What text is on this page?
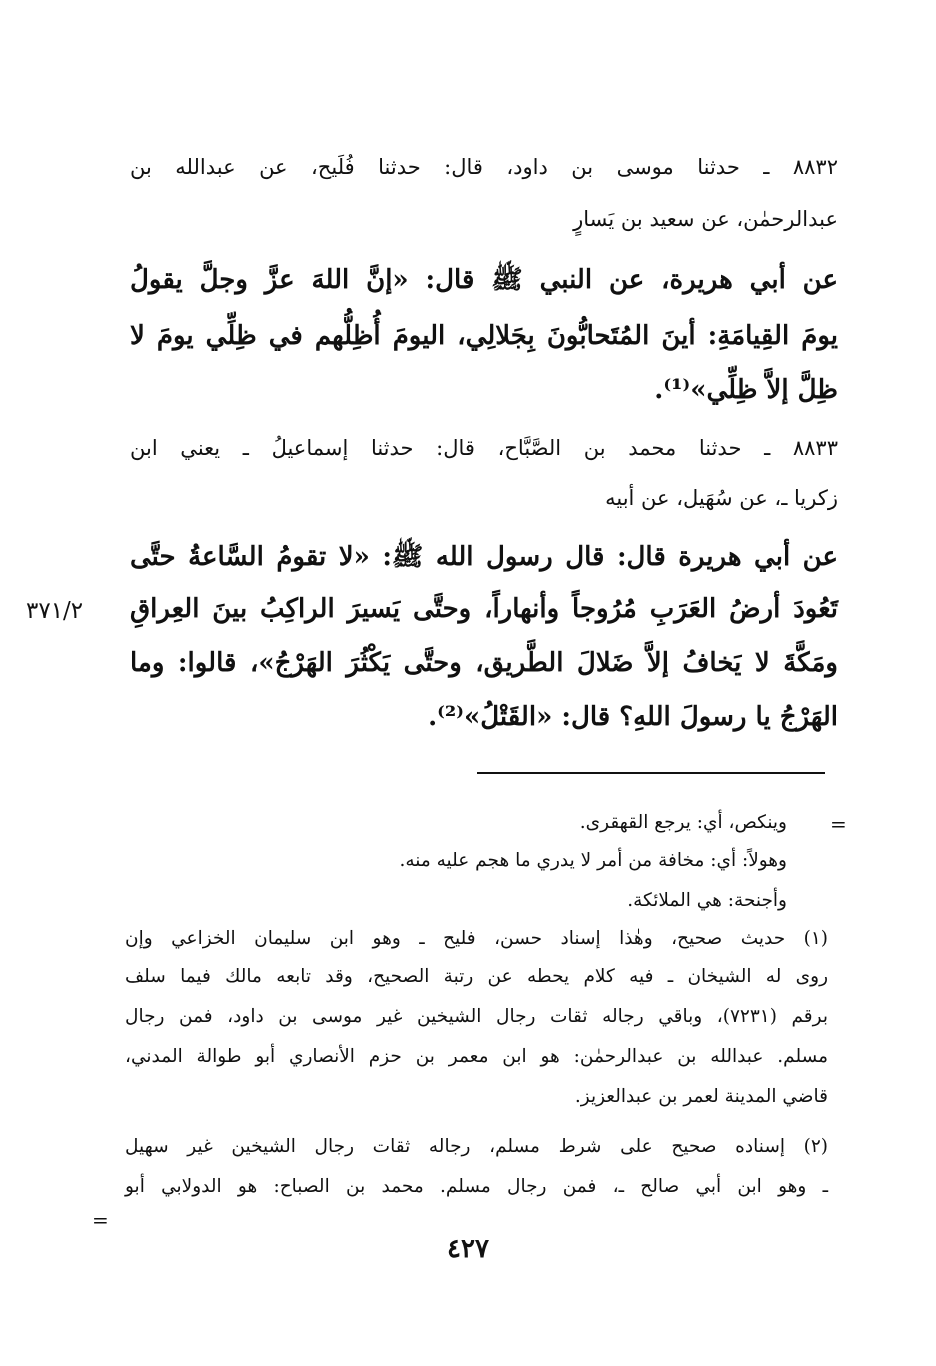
٨٨٣٢ ـ حدثنا موسى بن داود، قال: حدثنا فُلَيح، عن عبدالله بن
عبدالرحمٰن، عن سعيد بن يَسارٍ
عن أبي هريرة، عن النبي ﷺ قال: «إنَّ اللهَ عزَّ وجلَّ يقولُ
يومَ القِيامَةِ: أينَ المُتَحابُّونَ بِجَلالِي، اليومَ أُظِلُّهم في ظِلِّي يومَ لا
ظِلَّ إلاَّ ظِلِّي»⁽¹⁾.
٨٨٣٣ ـ حدثنا محمد بن الصَّبَّاح، قال: حدثنا إسماعيلُ ـ يعني ابن
زكريا ـ، عن سُهَيل، عن أبيه
عن أبي هريرة قال: قال رسول الله ﷺ: «لا تقومُ السَّاعةُ حتَّى
تَعُودَ أرضُ العَرَبِ مُرُوجاً وأنهاراً، وحتَّى يَسيرَ الراكِبُ بينَ العِراقِ
ومَكَّةَ لا يَخافُ إلاَّ ضَلالَ الطَّريق، وحتَّى يَكْثُرَ الهَرْجُ»، قالوا: وما
الهَرْجُ يا رسولَ اللهِ؟ قال: «القَتْلُ»⁽²⁾.
٣٧١/٢
=
وينكص، أي: يرجع القهقرى.
وهولاً: أي: مخافة من أمر لا يدري ما هجم عليه منه.
وأجنحة: هي الملائكة.
(١) حديث صحيح، وهٰذا إسناد حسن، فليح ـ وهو ابن سليمان الخزاعي وإن
روى له الشيخان ـ فيه كلام يحطه عن رتبة الصحيح، وقد تابعه مالك فيما سلف
برقم (٧٢٣١)، وباقي رجاله ثقات رجال الشيخين غير موسى بن داود، فمن رجال
مسلم. عبدالله بن عبدالرحمٰن: هو ابن معمر بن حزم الأنصاري أبو طوالة المدني،
قاضي المدينة لعمر بن عبدالعزيز.
(٢) إسناده صحيح على شرط مسلم، رجاله ثقات رجال الشيخين غير سهيل
ـ وهو ابن أبي صالح ـ، فمن رجال مسلم. محمد بن الصباح: هو الدولابي أبو
=
٤٢٧
